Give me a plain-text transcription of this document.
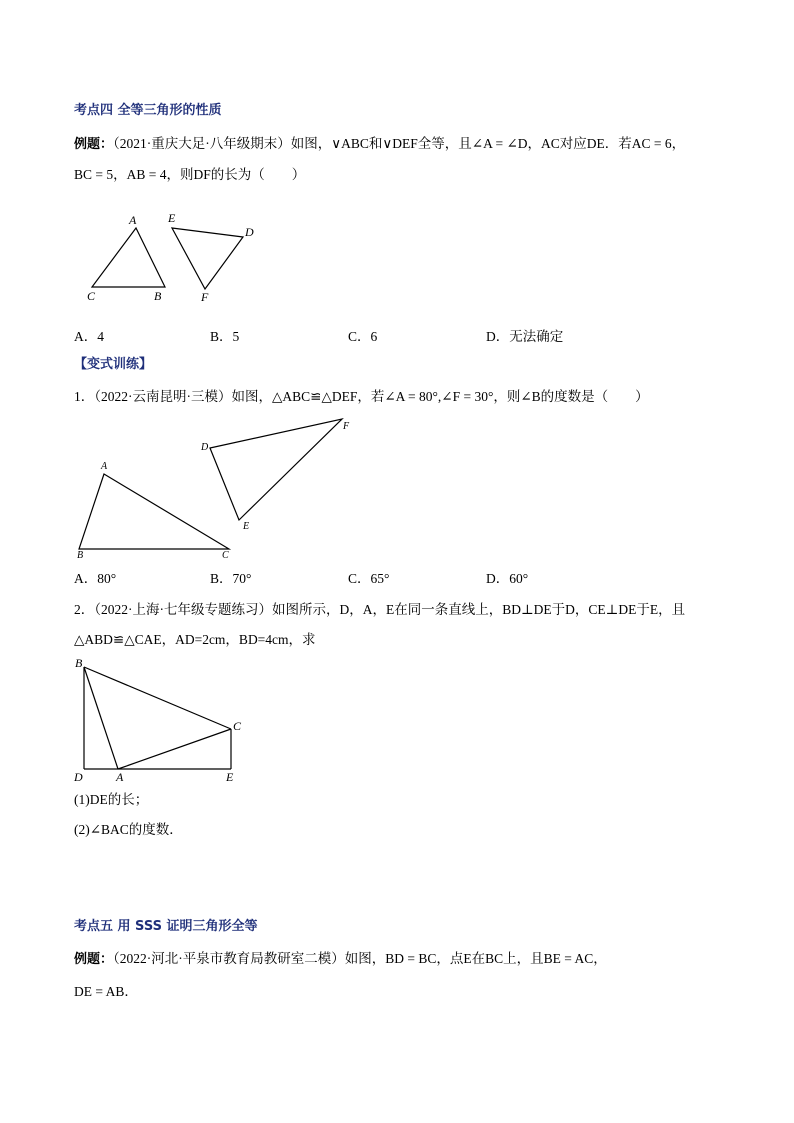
考点四 全等三角形的性质
例题：（2021·重庆大足·八年级期末）如图，∨ABC和∨DEF全等，且∠A = ∠D，AC对应DE．若AC = 6，
BC = 5，AB = 4，则DF的长为（　　）
A
C	B
E
D
F
A．4	B．5	C．6	D．无法确定
【变式训练】
1．（2022·云南昆明·三模）如图，△ABC≌△DEF，若∠A = 80°,∠F = 30°，则∠B的度数是（　　）
A
B	C
D
F
E
A．80°	B．70°	C．65°	D．60°
2．（2022·上海·七年级专题练习）如图所示，D，A，E在同一条直线上，BD⊥DE于D，CE⊥DE于E，且
△ABD≌△CAE，AD=2cm，BD=4cm，求
B
C
D	A	E
(1)DE的长；
(2)∠BAC的度数．
考点五 用 SSS 证明三角形全等
例题：（2022·河北·平泉市教育局教研室二模）如图，BD = BC，点E在BC上，且BE = AC，
DE = AB．
